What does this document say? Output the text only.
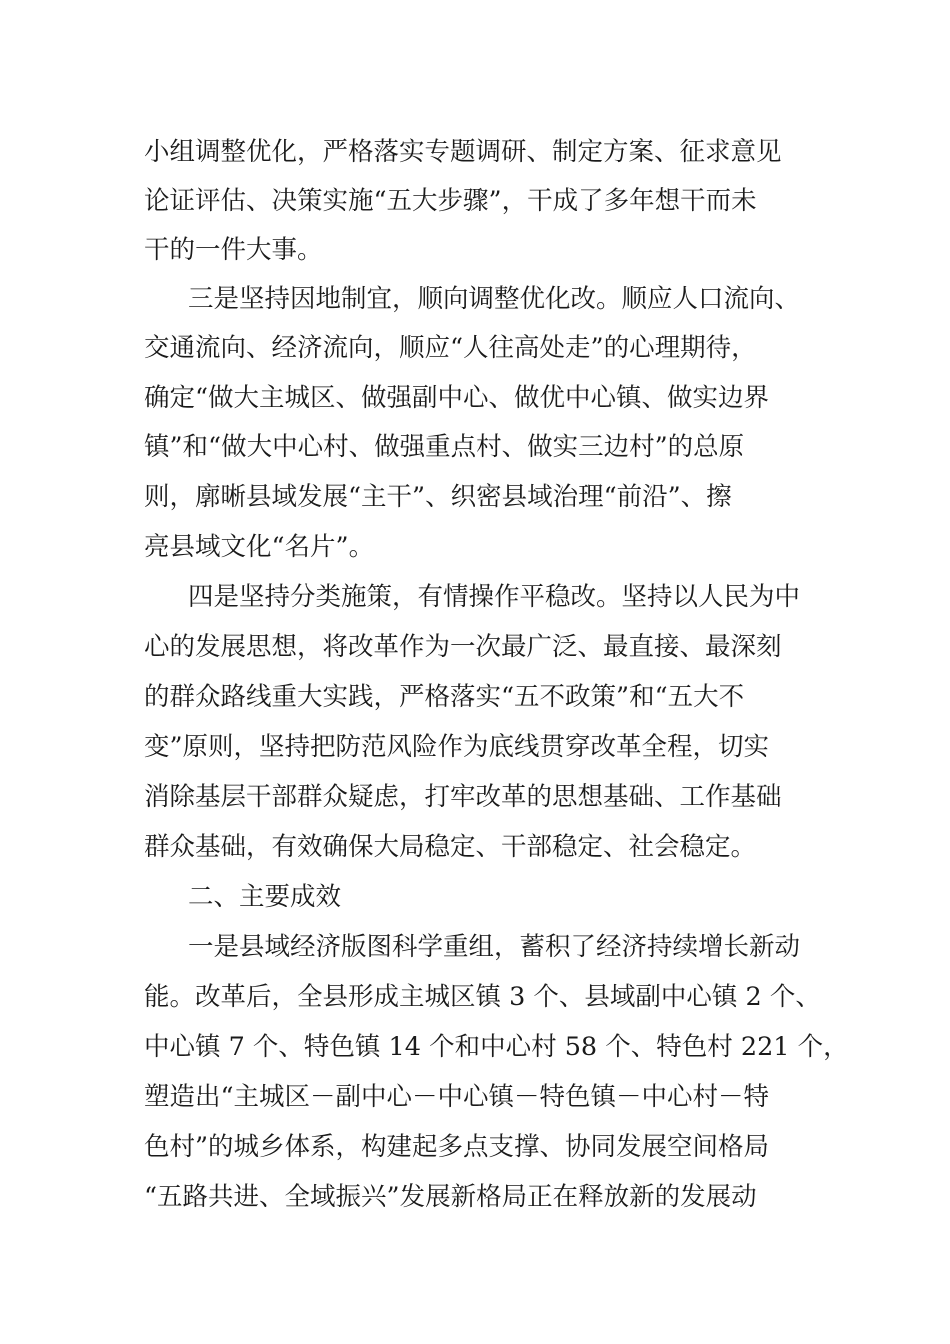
小组调整优化，严格落实专题调研、制定方案、征求意见

论证评估、决策实施“五大步骤”，干成了多年想干而未

干的一件大事。

三是坚持因地制宜，顺向调整优化改。顺应人口流向、

交通流向、经济流向，顺应“人往高处走”的心理期待，

确定“做大主城区、做强副中心、做优中心镇、做实边界

镇”和“做大中心村、做强重点村、做实三边村”的总原

则，廓晰县域发展“主干”、织密县域治理“前沿”、擦

亮县域文化“名片”。

四是坚持分类施策，有情操作平稳改。坚持以人民为中

心的发展思想，将改革作为一次最广泛、最直接、最深刻

的群众路线重大实践，严格落实“五不政策”和“五大不

变”原则，坚持把防范风险作为底线贯穿改革全程，切实

消除基层干部群众疑虑，打牢改革的思想基础、工作基础

群众基础，有效确保大局稳定、干部稳定、社会稳定。

二、主要成效

一是县域经济版图科学重组，蓄积了经济持续增长新动

能。改革后，全县形成主城区镇 3 个、县域副中心镇 2 个、

中心镇 7 个、特色镇 14 个和中心村 58 个、特色村 221 个，

塑造出“主城区－副中心－中心镇－特色镇－中心村－特

色村”的城乡体系，构建起多点支撑、协同发展空间格局

“五路共进、全域振兴”发展新格局正在释放新的发展动
